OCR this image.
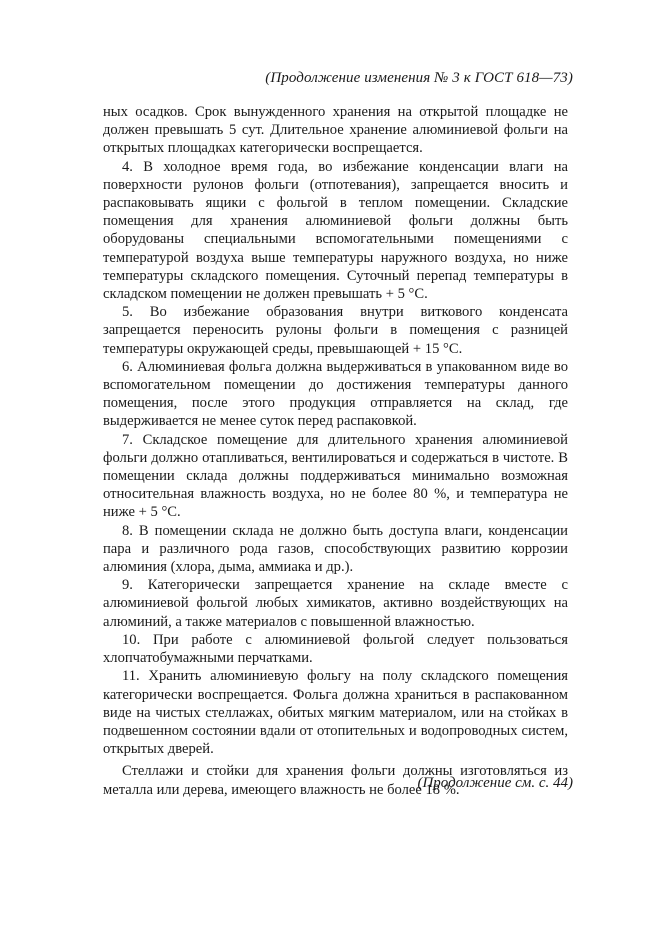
(Продолжение изменения № 3 к ГОСТ 618—73)

ных осадков. Срок вынужденного хранения на открытой площадке не должен превышать 5 сут. Длительное хранение алюминиевой фольги на открытых площадках категорически воспрещается.

4. В холодное время года, во избежание конденсации влаги на поверхности рулонов фольги (отпотевания), запрещается вносить и распаковывать ящики с фольгой в теплом помещении. Складские помещения для хранения алюминиевой фольги должны быть оборудованы специальными вспомогательными помещениями с температурой воздуха выше температуры наружного воздуха, но ниже температуры складского помещения. Суточный перепад температуры в складском помещении не должен превышать + 5 °С.

5. Во избежание образования внутри виткового конденсата запрещается переносить рулоны фольги в помещения с разницей температуры окружающей среды, превышающей + 15 °С.

6. Алюминиевая фольга должна выдерживаться в упакованном виде во вспомогательном помещении до достижения температуры данного помещения, после этого продукция отправляется на склад, где выдерживается не менее суток перед распаковкой.

7. Складское помещение для длительного хранения алюминиевой фольги должно отапливаться, вентилироваться и содержаться в чистоте. В помещении склада должны поддерживаться минимально возможная относительная влажность воздуха, но не более 80 %, и температура не ниже + 5 °С.

8. В помещении склада не должно быть доступа влаги, конденсации пара и различного рода газов, способствующих развитию коррозии алюминия (хлора, дыма, аммиака и др.).

9. Категорически запрещается хранение на складе вместе с алюминиевой фольгой любых химикатов, активно воздействующих на алюминий, а также материалов с повышенной влажностью.

10. При работе с алюминиевой фольгой следует пользоваться хлопчатобумажными перчатками.

11. Хранить алюминиевую фольгу на полу складского помещения категорически воспрещается. Фольга должна храниться в распакованном виде на чистых стеллажах, обитых мягким материалом, или на стойках в подвешенном состоянии вдали от отопительных и водопроводных систем, открытых дверей.

Стеллажи и стойки для хранения фольги должны изготовляться из металла или дерева, имеющего влажность не более 18 %.

(Продолжение см. с. 44)
